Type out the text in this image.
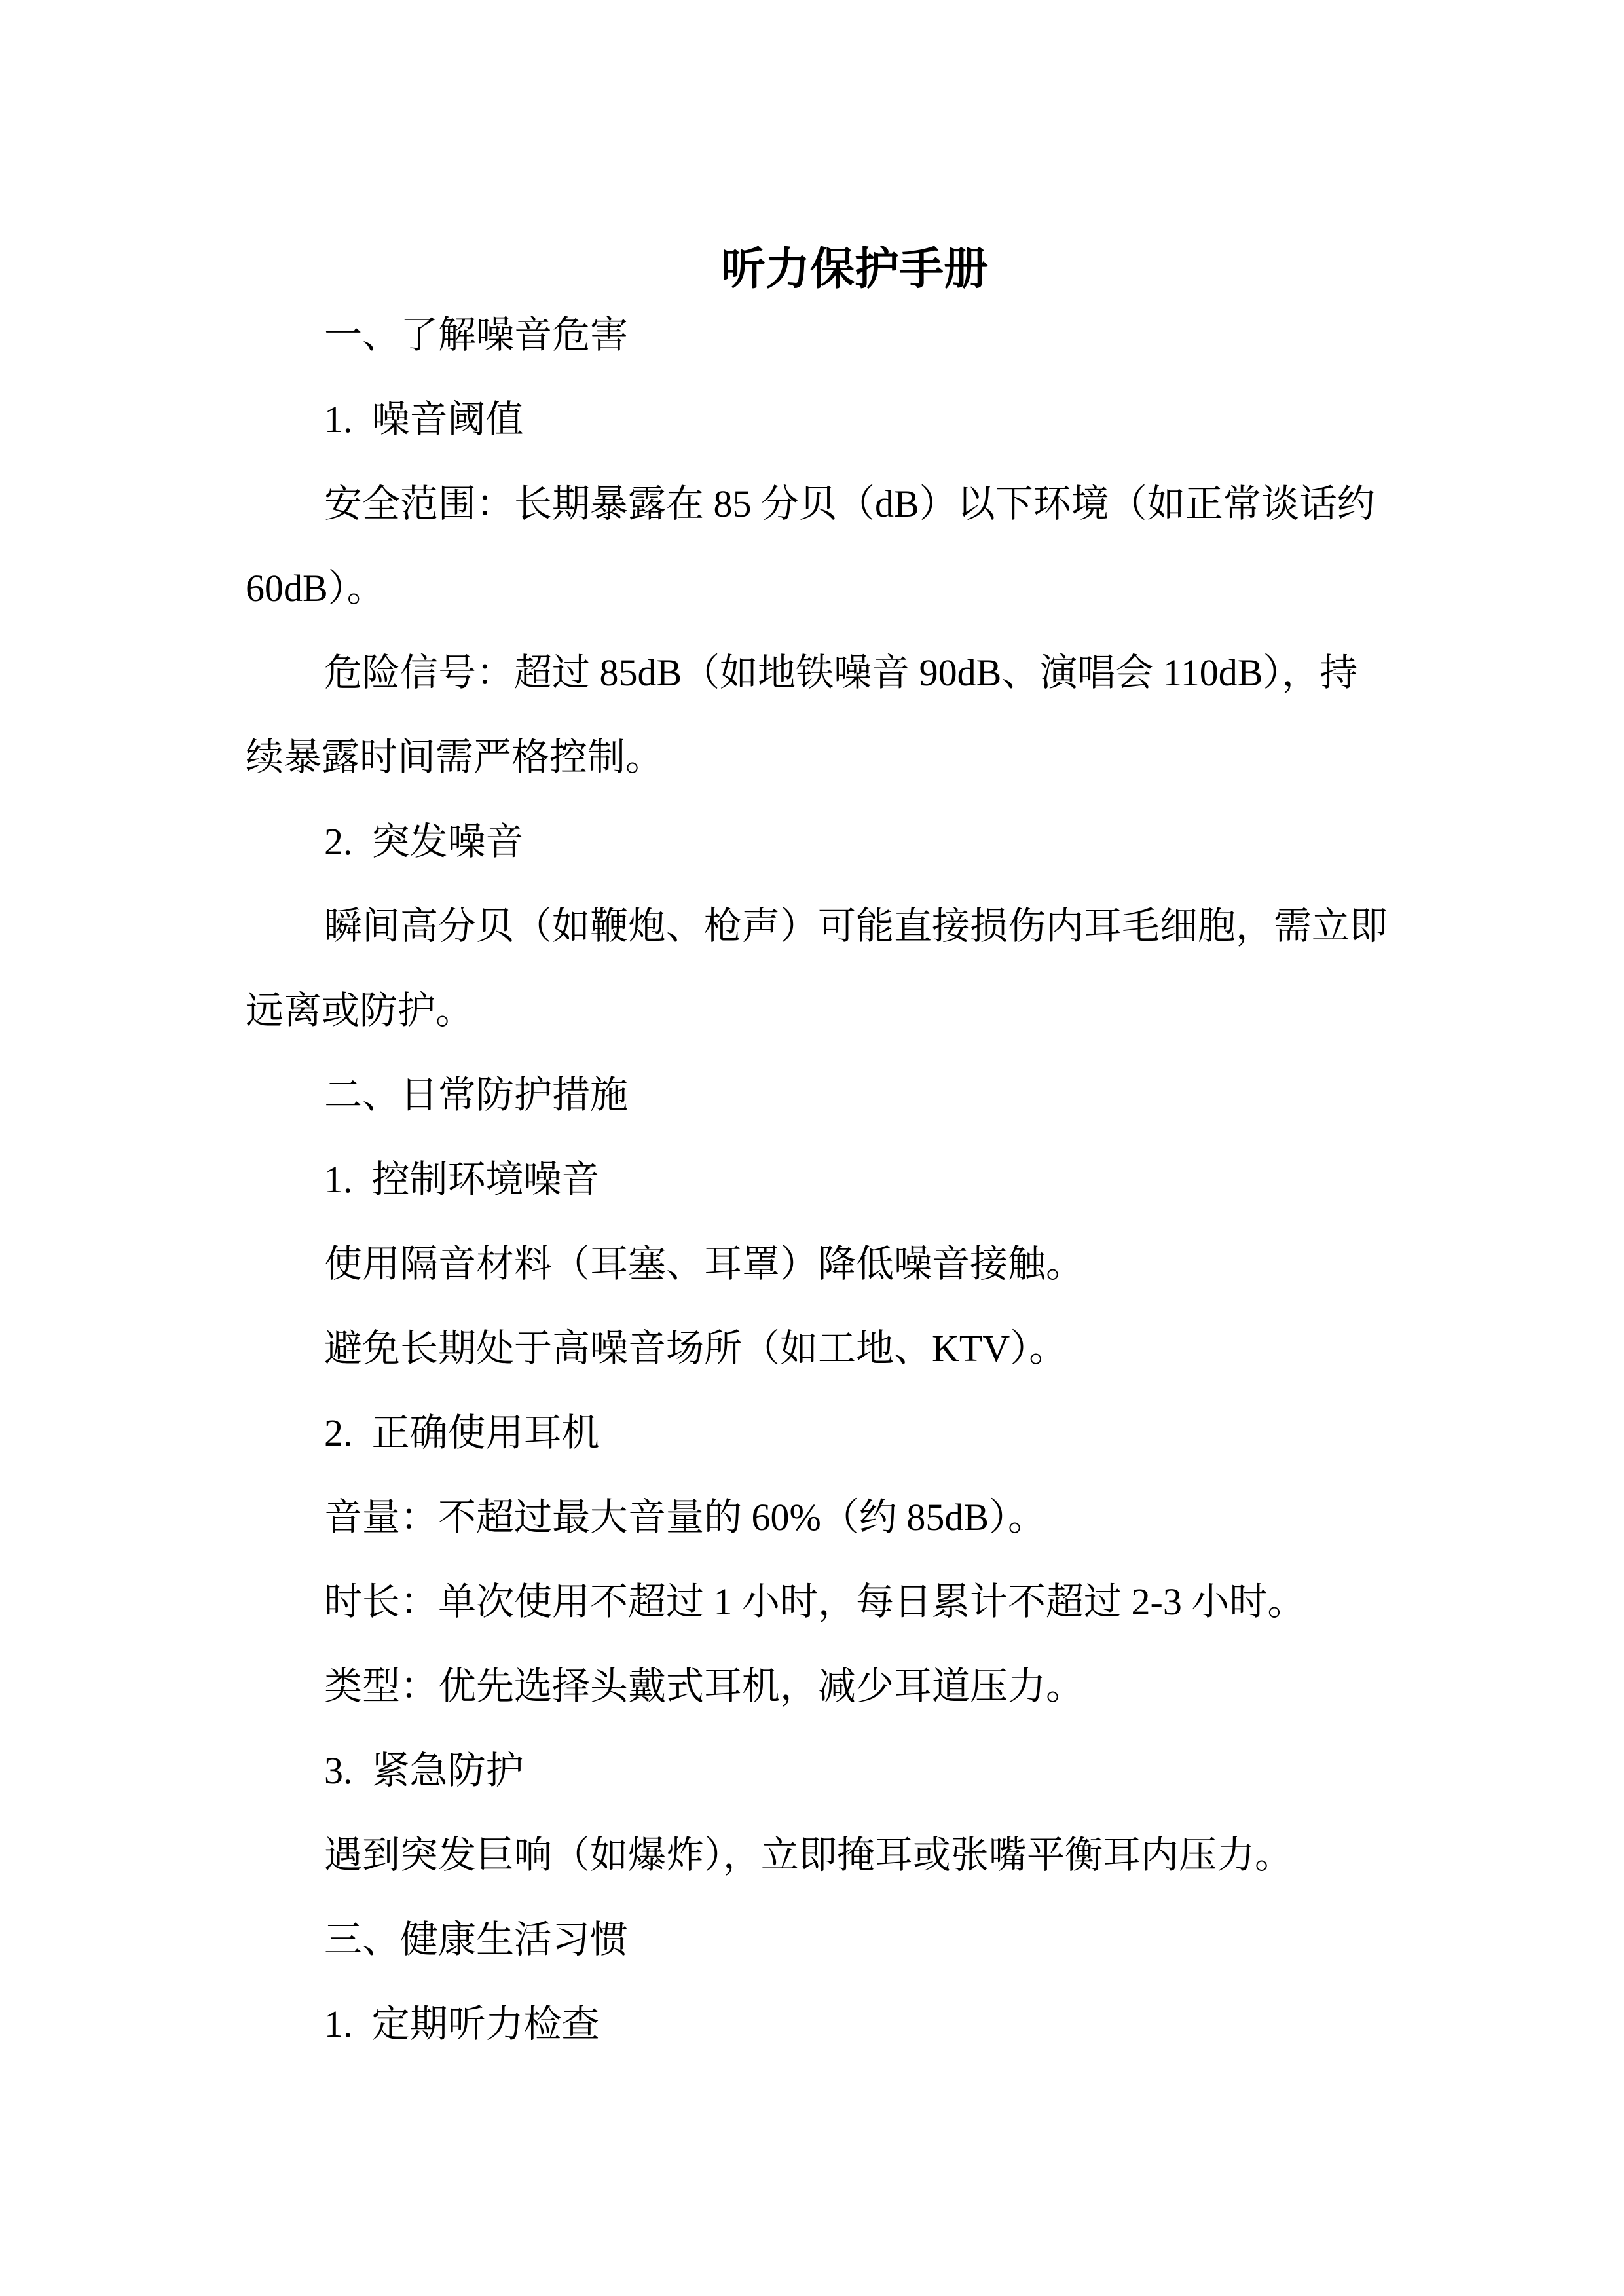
听力保护手册
一、了解噪音危害
1.  噪音阈值
安全范围：长期暴露在 85 分贝（dB）以下环境（如正常谈话约
60dB）。
危险信号：超过 85dB（如地铁噪音 90dB、演唱会 110dB），持
续暴露时间需严格控制。
2.  突发噪音
瞬间高分贝（如鞭炮、枪声）可能直接损伤内耳毛细胞，需立即
远离或防护。
二、日常防护措施
1.  控制环境噪音
使用隔音材料（耳塞、耳罩）降低噪音接触。
避免长期处于高噪音场所（如工地、KTV）。
2.  正确使用耳机
音量：不超过最大音量的 60%（约 85dB）。
时长：单次使用不超过 1 小时，每日累计不超过 2-3 小时。
类型：优先选择头戴式耳机，减少耳道压力。
3.  紧急防护
遇到突发巨响（如爆炸），立即掩耳或张嘴平衡耳内压力。
三、健康生活习惯
1.  定期听力检查
